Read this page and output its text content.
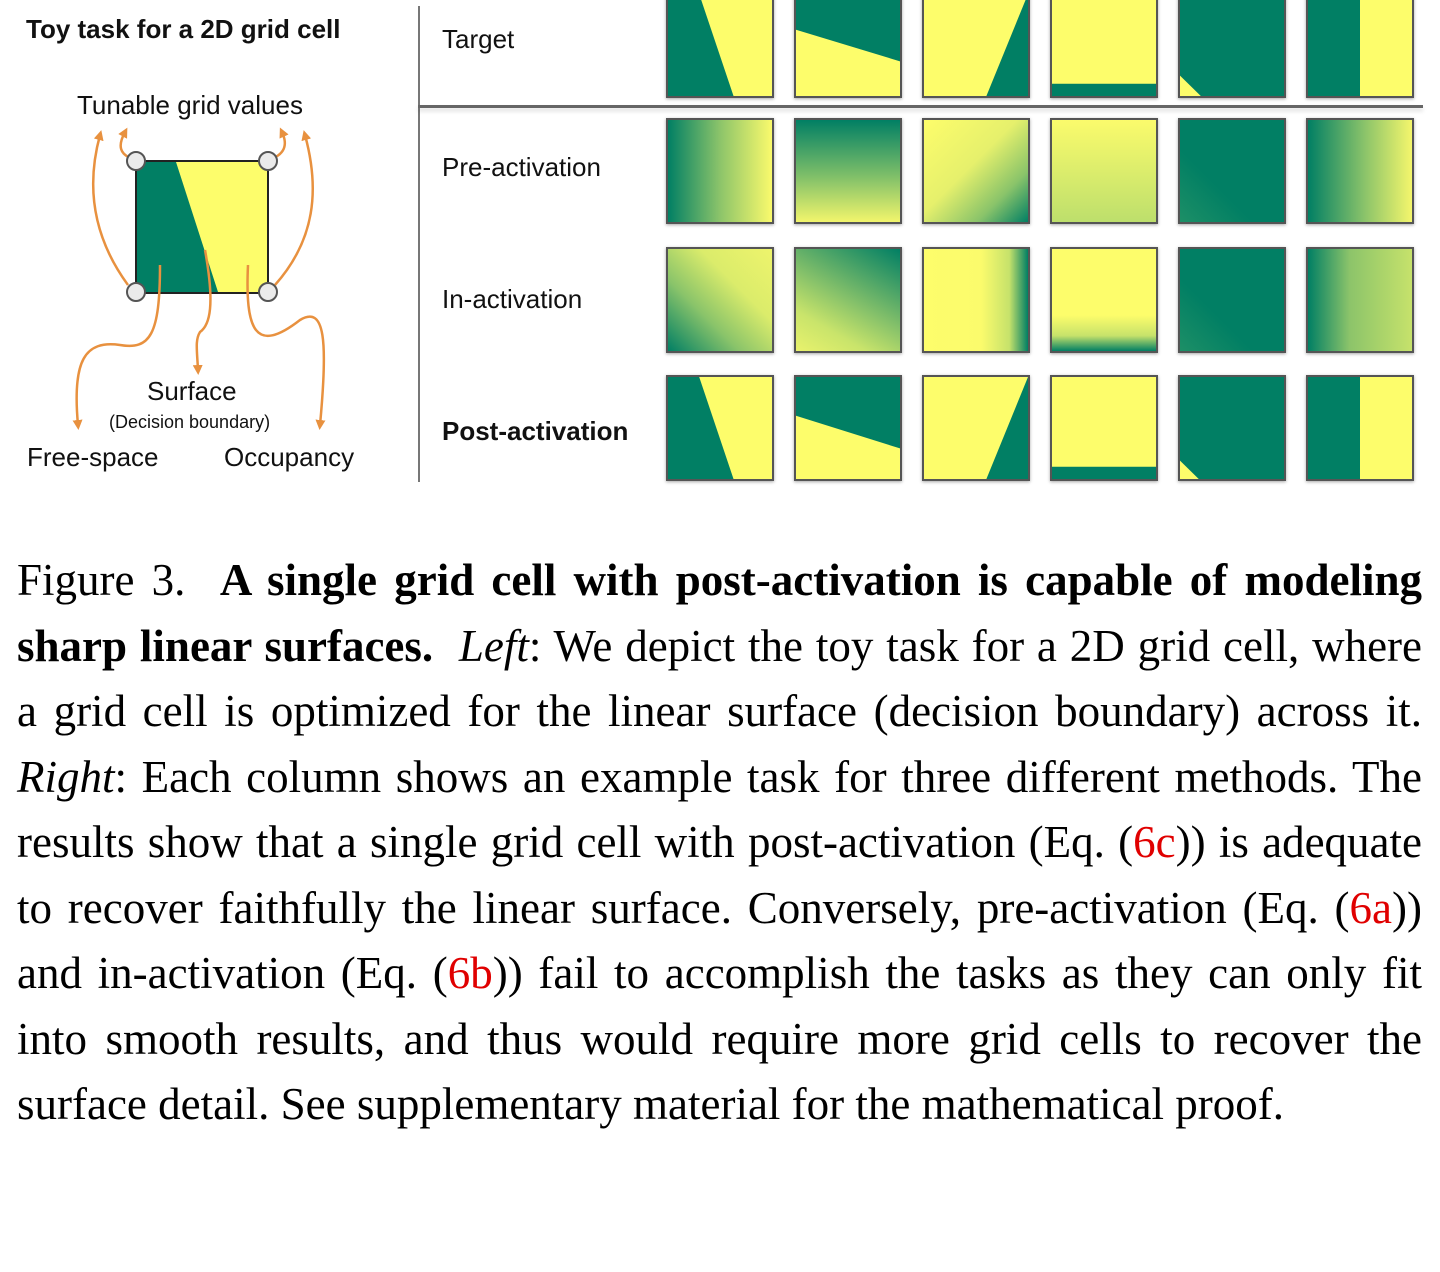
Toy task for a 2D grid cell
Tunable grid values
Surface
(Decision boundary)
Free-space	Occupancy
Target
Pre-activation
In-activation
Post-activation
Figure 3. A single grid cell with post-activation is capable of modeling sharp linear surfaces. Left: We depict the toy task for a 2D grid cell, where a grid cell is optimized for the linear surface (decision boundary) across it. Right: Each column shows an example task for three different methods. The results show that a single grid cell with post-activation (Eq. (6c)) is adequate to recover faithfully the linear surface. Conversely, pre-activation (Eq. (6a)) and in-activation (Eq. (6b)) fail to accomplish the tasks as they can only fit into smooth results, and thus would require more grid cells to recover the surface detail. See supplementary material for the mathematical proof.
